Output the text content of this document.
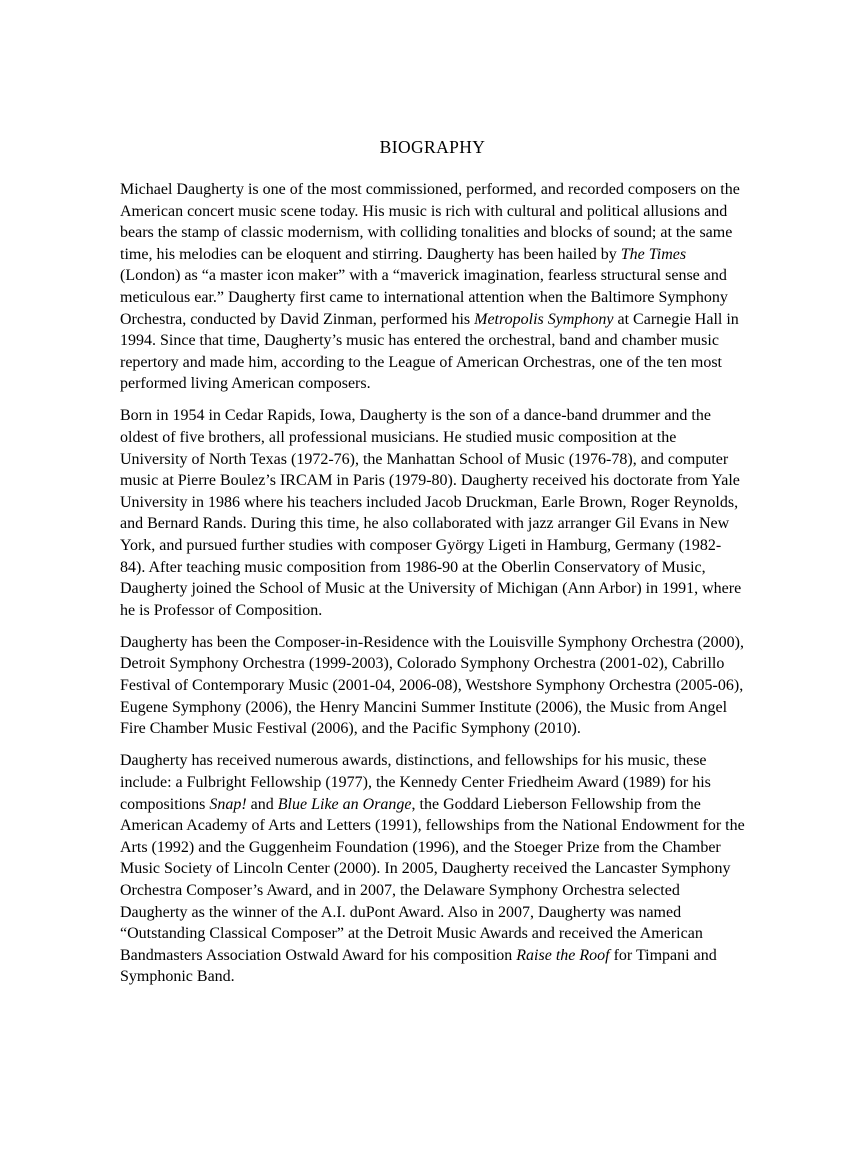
BIOGRAPHY

Michael Daugherty is one of the most commissioned, performed, and recorded composers on the American concert music scene today. His music is rich with cultural and political allusions and bears the stamp of classic modernism, with colliding tonalities and blocks of sound; at the same time, his melodies can be eloquent and stirring. Daugherty has been hailed by The Times (London) as “a master icon maker” with a “maverick imagination, fearless structural sense and meticulous ear.” Daugherty first came to international attention when the Baltimore Symphony Orchestra, conducted by David Zinman, performed his Metropolis Symphony at Carnegie Hall in 1994. Since that time, Daugherty’s music has entered the orchestral, band and chamber music repertory and made him, according to the League of American Orchestras, one of the ten most performed living American composers.

Born in 1954 in Cedar Rapids, Iowa, Daugherty is the son of a dance-band drummer and the oldest of five brothers, all professional musicians. He studied music composition at the University of North Texas (1972-76), the Manhattan School of Music (1976-78), and computer music at Pierre Boulez’s IRCAM in Paris (1979-80). Daugherty received his doctorate from Yale University in 1986 where his teachers included Jacob Druckman, Earle Brown, Roger Reynolds, and Bernard Rands. During this time, he also collaborated with jazz arranger Gil Evans in New York, and pursued further studies with composer György Ligeti in Hamburg, Germany (1982-84). After teaching music composition from 1986-90 at the Oberlin Conservatory of Music, Daugherty joined the School of Music at the University of Michigan (Ann Arbor) in 1991, where he is Professor of Composition.

Daugherty has been the Composer-in-Residence with the Louisville Symphony Orchestra (2000), Detroit Symphony Orchestra (1999-2003), Colorado Symphony Orchestra (2001-02), Cabrillo Festival of Contemporary Music (2001-04, 2006-08), Westshore Symphony Orchestra (2005-06), Eugene Symphony (2006), the Henry Mancini Summer Institute (2006), the Music from Angel Fire Chamber Music Festival (2006), and the Pacific Symphony (2010).

Daugherty has received numerous awards, distinctions, and fellowships for his music, these include: a Fulbright Fellowship (1977), the Kennedy Center Friedheim Award (1989) for his compositions Snap! and Blue Like an Orange, the Goddard Lieberson Fellowship from the American Academy of Arts and Letters (1991), fellowships from the National Endowment for the Arts (1992) and the Guggenheim Foundation (1996), and the Stoeger Prize from the Chamber Music Society of Lincoln Center (2000). In 2005, Daugherty received the Lancaster Symphony Orchestra Composer’s Award, and in 2007, the Delaware Symphony Orchestra selected Daugherty as the winner of the A.I. duPont Award. Also in 2007, Daugherty was named “Outstanding Classical Composer” at the Detroit Music Awards and received the American Bandmasters Association Ostwald Award for his composition Raise the Roof for Timpani and Symphonic Band.
